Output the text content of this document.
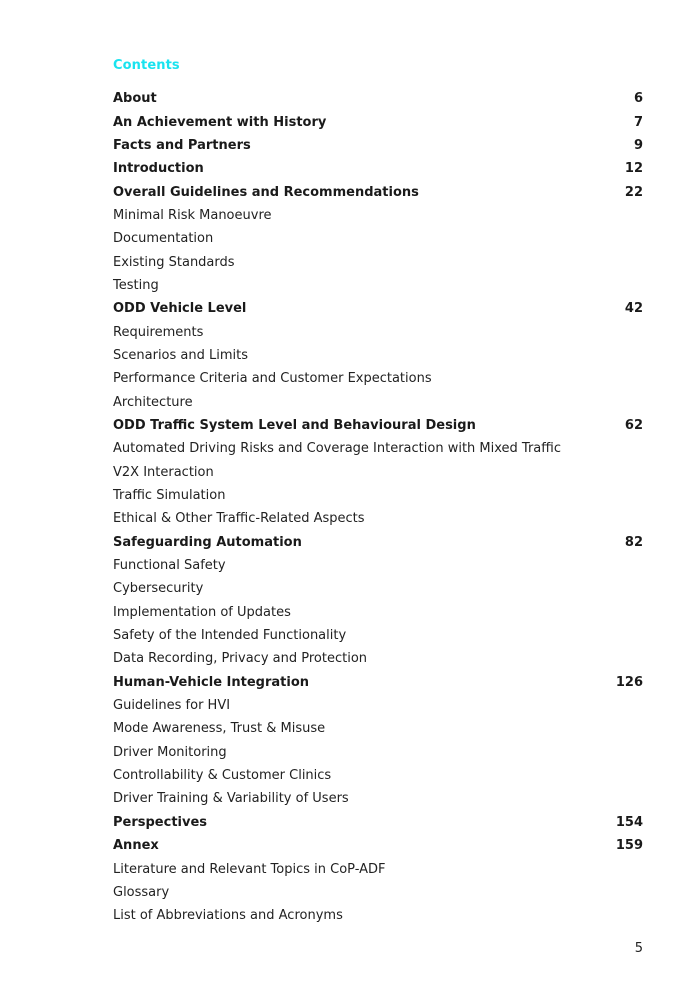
Contents
About	6
An Achievement with History	7
Facts and Partners	9
Introduction	12
Overall Guidelines and Recommendations	22
Minimal Risk Manoeuvre
Documentation
Existing Standards
Testing
ODD Vehicle Level	42
Requirements
Scenarios and Limits
Performance Criteria and Customer Expectations
Architecture
ODD Traffic System Level and Behavioural Design	62
Automated Driving Risks and Coverage Interaction with Mixed Traffic
V2X Interaction
Traffic Simulation
Ethical & Other Traffic-Related Aspects
Safeguarding Automation	82
Functional Safety
Cybersecurity
Implementation of Updates
Safety of the Intended Functionality
Data Recording, Privacy and Protection
Human-Vehicle Integration	126
Guidelines for HVI
Mode Awareness, Trust & Misuse
Driver Monitoring
Controllability & Customer Clinics
Driver Training & Variability of Users
Perspectives	154
Annex	159
Literature and Relevant Topics in CoP-ADF
Glossary
List of Abbreviations and Acronyms
5
